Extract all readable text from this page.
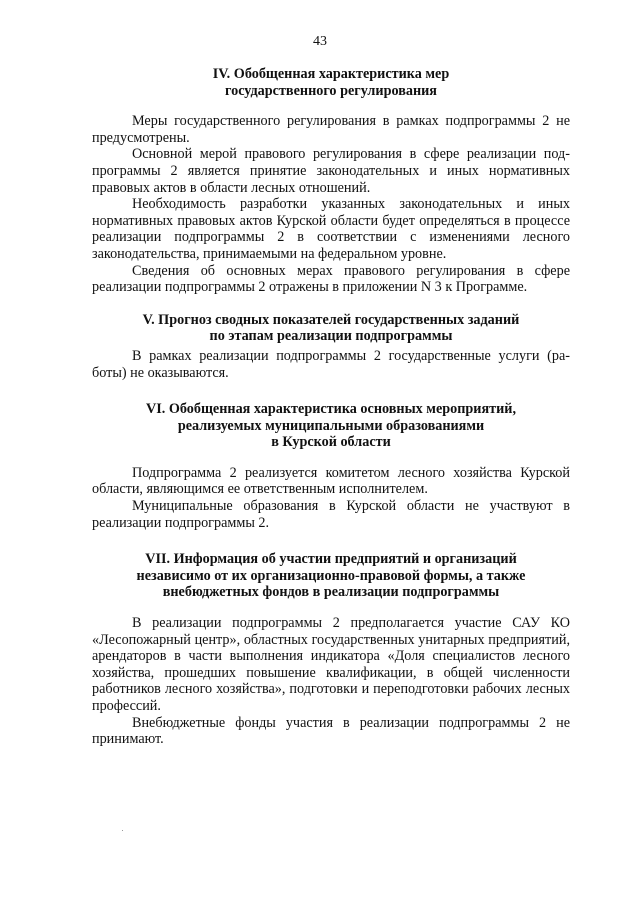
43
IV. Обобщенная характеристика мер
государственного регулирования

Меры государственного регулирования в рамках подпрограммы 2 не предусмотрены.

Основной мерой правового регулирования в сфере реализации подпрограммы 2 является принятие законодательных и иных нормативных правовых актов в области лесных отношений.

Необходимость разработки указанных законодательных и иных нормативных правовых актов Курской области будет определяться в процессе реализации подпрограммы 2 в соответствии с изменениями лесного законодательства, принимаемыми на федеральном уровне.

Сведения об основных мерах правового регулирования в сфере реализации подпрограммы 2 отражены в приложении N 3 к Программе.

V. Прогноз сводных показателей государственных заданий
по этапам реализации подпрограммы

В рамках реализации подпрограммы 2 государственные услуги (работы) не оказываются.

VI. Обобщенная характеристика основных мероприятий,
реализуемых муниципальными образованиями
в Курской области

Подпрограмма 2 реализуется комитетом лесного хозяйства Курской области, являющимся ее ответственным исполнителем.

Муниципальные образования в Курской области не участвуют в реализации подпрограммы 2.

VII. Информация об участии предприятий и организаций
независимо от их организационно-правовой формы, а также
внебюджетных фондов в реализации подпрограммы

В реализации подпрограммы 2 предполагается участие САУ КО «Лесопожарный центр», областных государственных унитарных предприятий, арендаторов в части выполнения индикатора «Доля специалистов лесного хозяйства, прошедших повышение квалификации, в общей численности работников лесного хозяйства», подготовки и переподготовки рабочих лесных профессий.

Внебюджетные фонды участия в реализации подпрограммы 2 не принимают.
